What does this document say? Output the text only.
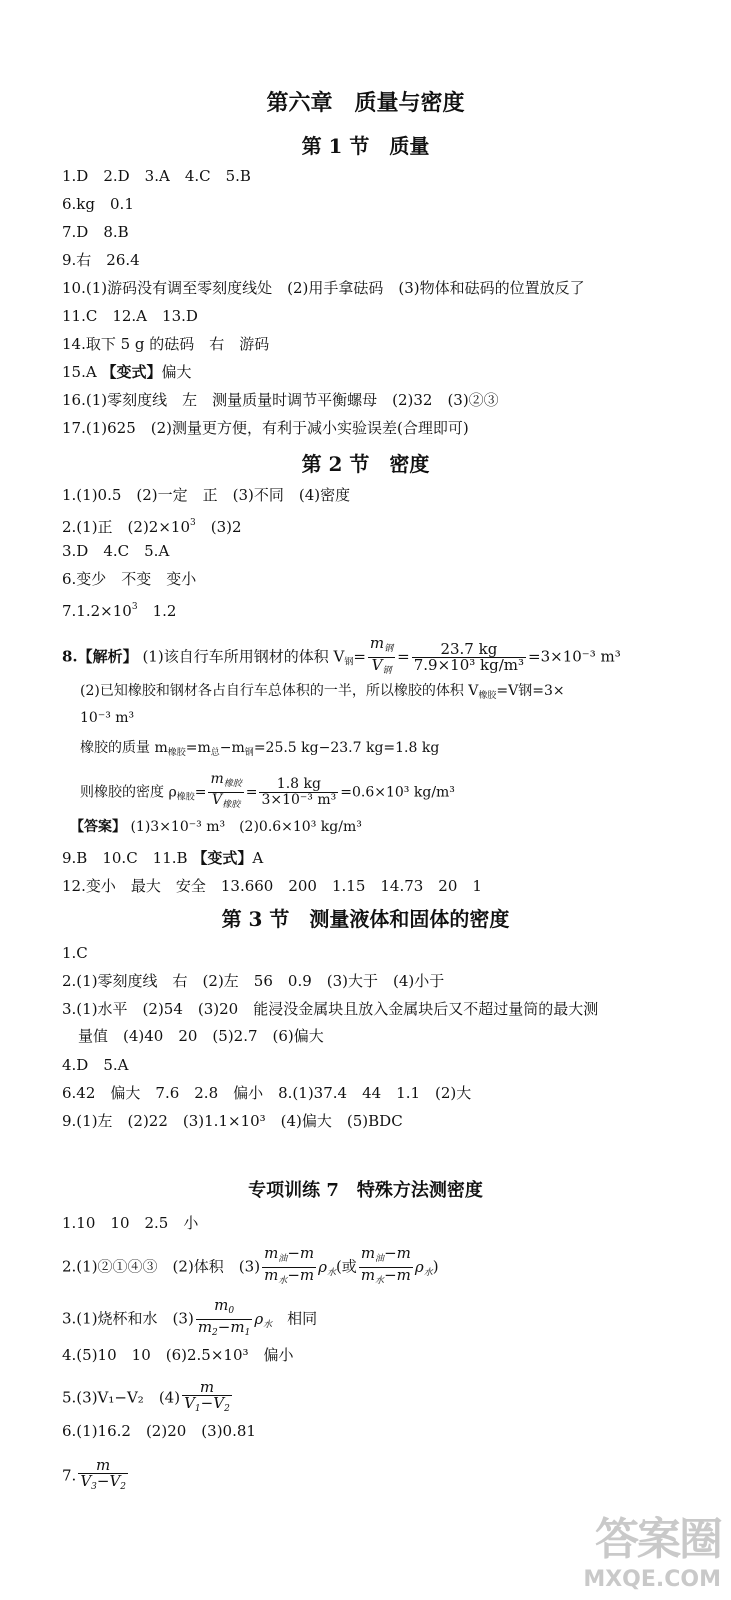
第六章　质量与密度
第 1 节　质量
1.D　2.D　3.A　4.C　5.B
6.kg　0.1
7.D　8.B
9.右　26.4
10.(1)游码没有调至零刻度线处　(2)用手拿砝码　(3)物体和砝码的位置放反了
11.C　12.A　13.D
14.取下 5 g 的砝码　右　游码
15.A 【变式】偏大
16.(1)零刻度线　左　测量质量时调节平衡螺母　(2)32　(3)②③
17.(1)625　(2)测量更方便，有利于减小实验误差(合理即可)
第 2 节　密度
1.(1)0.5　(2)一定　正　(3)不同　(4)密度
2.(1)正　$(2)2\times 10^3$　(3)2
3.D　4.C　5.A
6.变少　不变　变小
$7.1.2\times 10^3$　1.2
8.【解析】 (1)该自行车所用钢材的体积 $V_钢=$
$m_钢$
$V_钢$
= $\frac{23.7 kg}{\text{7.9×10³ kg/m³}} =3\times 10^{-3}$ m³
(2)已知橡胶和钢材各占自行车总体积的一半，所以橡胶的体积 $V_{橡胶}=V$钢=3×
10⁻³ m³
橡胶的质量 $m_{橡胶}=m_总-m_钢=25.5$ kg−23.7 kg=1.8 kg
则橡胶的密度 $\rho_{橡胶}=$
$m_{橡胶}$
$V_{橡胶}$
= $\frac{1.8 kg}{\text{3×10⁻³ m³}} =0.6\times 10^3$ kg/m³
【答案】 (1)3×10⁻³ m³　(2)0.6×10³ kg/m³
9.B　10.C　11.B 【变式】A
12.变小　最大　安全　13.660　200　1.15　14.73　20　1
第 3 节　测量液体和固体的密度
1.C
2.(1)零刻度线　右　(2)左　56　0.9　(3)大于　(4)小于
3.(1)水平　(2)54　(3)20　能浸没金属块且放入金属块后又不超过量筒的最大测
量值　(4)40　20　(5)2.7　(6)偏大
4.D　5.A
6.42　偏大　7.6　2.8　偏小　8.(1)37.4　44　1.1　(2)大
9.(1)左　(2)22　(3)1.1×10³　(4)偏大　(5)BDC
专项训练 7　特殊方法测密度
1.10　10　2.5　小
2.(1)②①④③　(2)体积　(3)
$m_油-m$
$m_水-m$ $\rho_水$(或
$m_油-m$
$m_水-m$ $\rho_水$)
3.(1)烧杯和水　$(3) \frac{m_0}{m_2-m_1} \rho_水$　 相同
4.(5)10　10　(6)2.5×10³　偏小
5.(3)V₁−V₂　$(4) \frac{m}{V_1-V_2}$
6.(1)16.2　(2)20　(3)0.81
7. $\frac{m}{V_3-V_2}$
答案圈
MXQE.COM
